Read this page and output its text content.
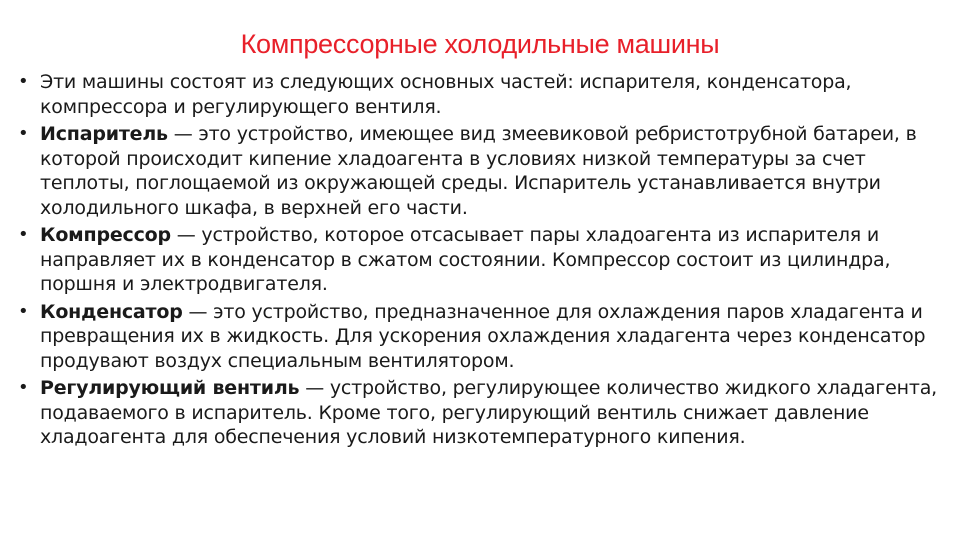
Компрессорные холодильные машины
• Эти машины состоят из следующих основных частей: испарителя, конденсатора, компрессора и регулирующего вентиля.
• Испаритель — это устройство, имеющее вид змеевиковой ребристотрубной батареи, в которой происходит кипение хладоагента в условиях низкой температуры за счет теплоты, поглощаемой из окружающей среды. Испаритель устанавливается внутри холодильного шкафа, в верхней его части.
• Компрессор — устройство, которое отсасывает пары хладоагента из испарителя и направляет их в конденсатор в сжатом состоянии. Компрессор состоит из цилиндра, поршня и электродвигателя.
• Конденсатор — это устройство, предназначенное для охлаждения паров хладагента и превращения их в жидкость. Для ускорения охлаждения хладагента через конденсатор продувают воздух специальным вентилятором.
• Регулирующий вентиль — устройство, регулирующее количество жидкого хладагента, подаваемого в испаритель. Кроме того, регулирующий вентиль снижает давление хладоагента для обеспечения условий низкотемпературного кипения.
